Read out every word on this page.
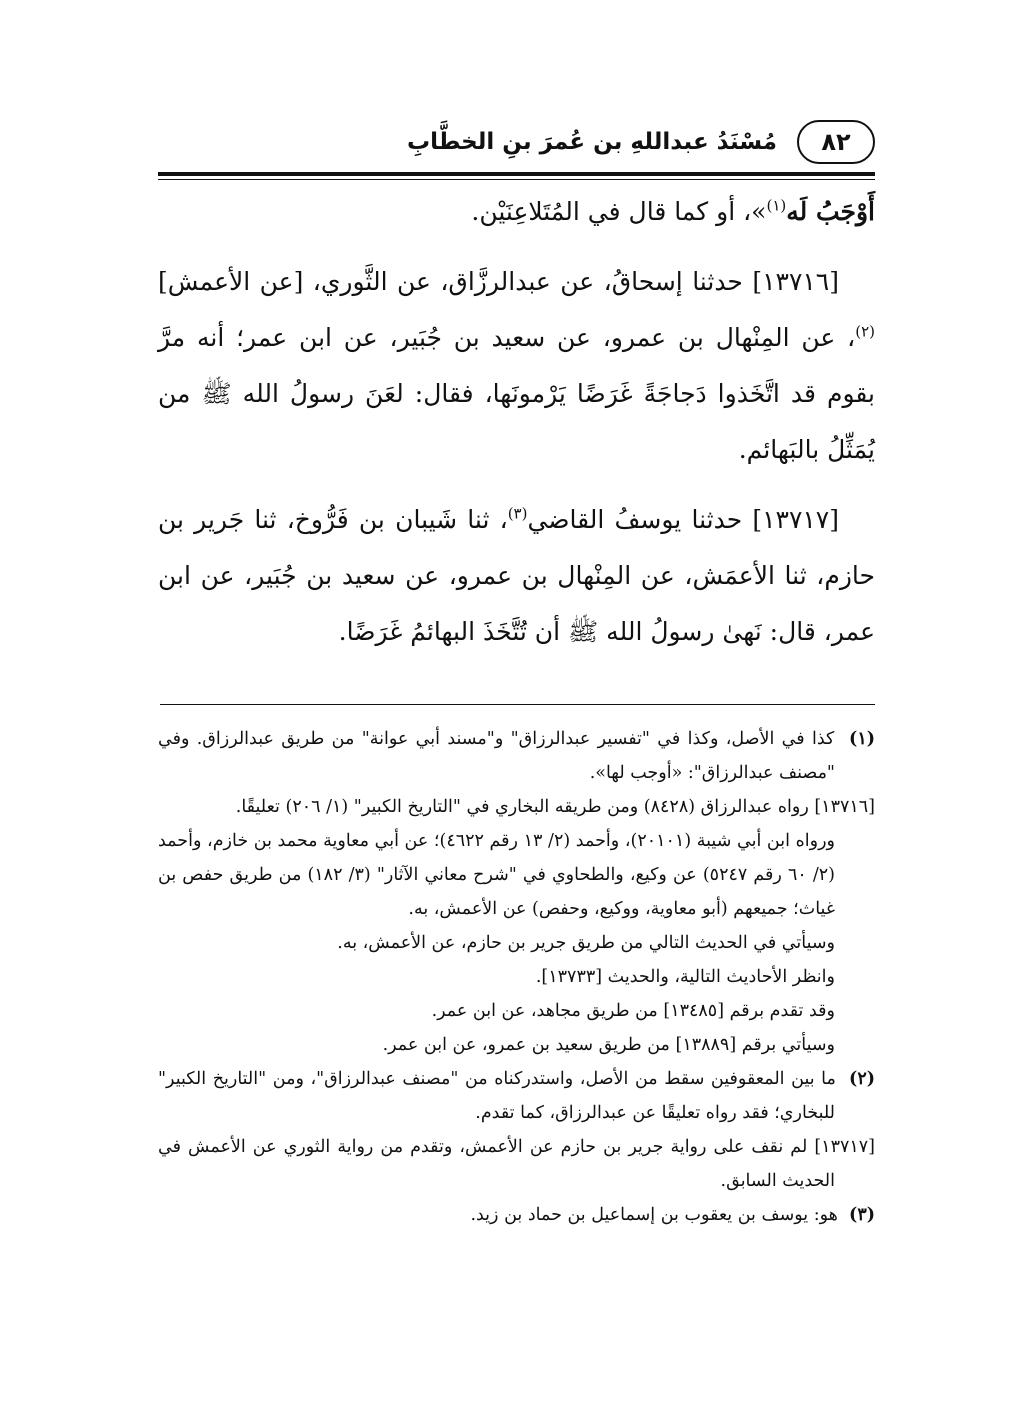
٨٢
مُسْنَدُ عبداللهِ بن عُمرَ بنِ الخطَّابِ

أَوْجَبُ لَه$^{(١)}$»، أو كما قال في المُتَلاعِنَيْن.

[١٣٧١٦] حدثنا إسحاقُ، عن عبدالرزَّاق، عن الثَّوري، [عن الأعمش]$^{(٢)}$، عن المِنْهال بن عمرو، عن سعيد بن جُبَير، عن ابن عمر؛ أنه مرَّ بقوم قد اتَّخَذوا دَجاجَةً غَرَضًا يَرْمونَها، فقال: لعَنَ رسولُ الله ﷺ من يُمَثِّلُ بالبَهائم.

[١٣٧١٧] حدثنا يوسفُ القاضي$^{(٣)}$، ثنا شَيبان بن فَرُّوخ، ثنا جَرير بن حازم، ثنا الأعمَش، عن المِنْهال بن عمرو، عن سعيد بن جُبَير، عن ابن عمر، قال: نَهىٰ رسولُ الله ﷺ أن تُتَّخَذَ البهائمُ غَرَضًا.

(١)  كذا في الأصل، وكذا في "تفسير عبدالرزاق" و"مسند أبي عوانة" من طريق عبدالرزاق. وفي "مصنف عبدالرزاق": «أوجب لها».

[١٣٧١٦] رواه عبدالرزاق (٨٤٢٨) ومن طريقه البخاري في "التاريخ الكبير" (١/ ٢٠٦) تعليقًا.

ورواه ابن أبي شيبة (٢٠١٠١)، وأحمد (٢/ ١٣ رقم ٤٦٢٢)؛ عن أبي معاوية محمد بن خازم، وأحمد (٢/ ٦٠ رقم ٥٢٤٧) عن وكيع، والطحاوي في "شرح معاني الآثار" (٣/ ١٨٢) من طريق حفص بن غياث؛ جميعهم (أبو معاوية، ووكيع، وحفص) عن الأعمش، به.

وسيأتي في الحديث التالي من طريق جرير بن حازم، عن الأعمش، به.

وانظر الأحاديث التالية، والحديث [١٣٧٣٣].

وقد تقدم برقم [١٣٤٨٥] من طريق مجاهد، عن ابن عمر.

وسيأتي برقم [١٣٨٨٩] من طريق سعيد بن عمرو، عن ابن عمر.

(٢)  ما بين المعقوفين سقط من الأصل، واستدركناه من "مصنف عبدالرزاق"، ومن "التاريخ الكبير" للبخاري؛ فقد رواه تعليقًا عن عبدالرزاق، كما تقدم.

[١٣٧١٧] لم نقف على رواية جرير بن حازم عن الأعمش، وتقدم من رواية الثوري عن الأعمش في الحديث السابق.

(٣)  هو: يوسف بن يعقوب بن إسماعيل بن حماد بن زيد.
